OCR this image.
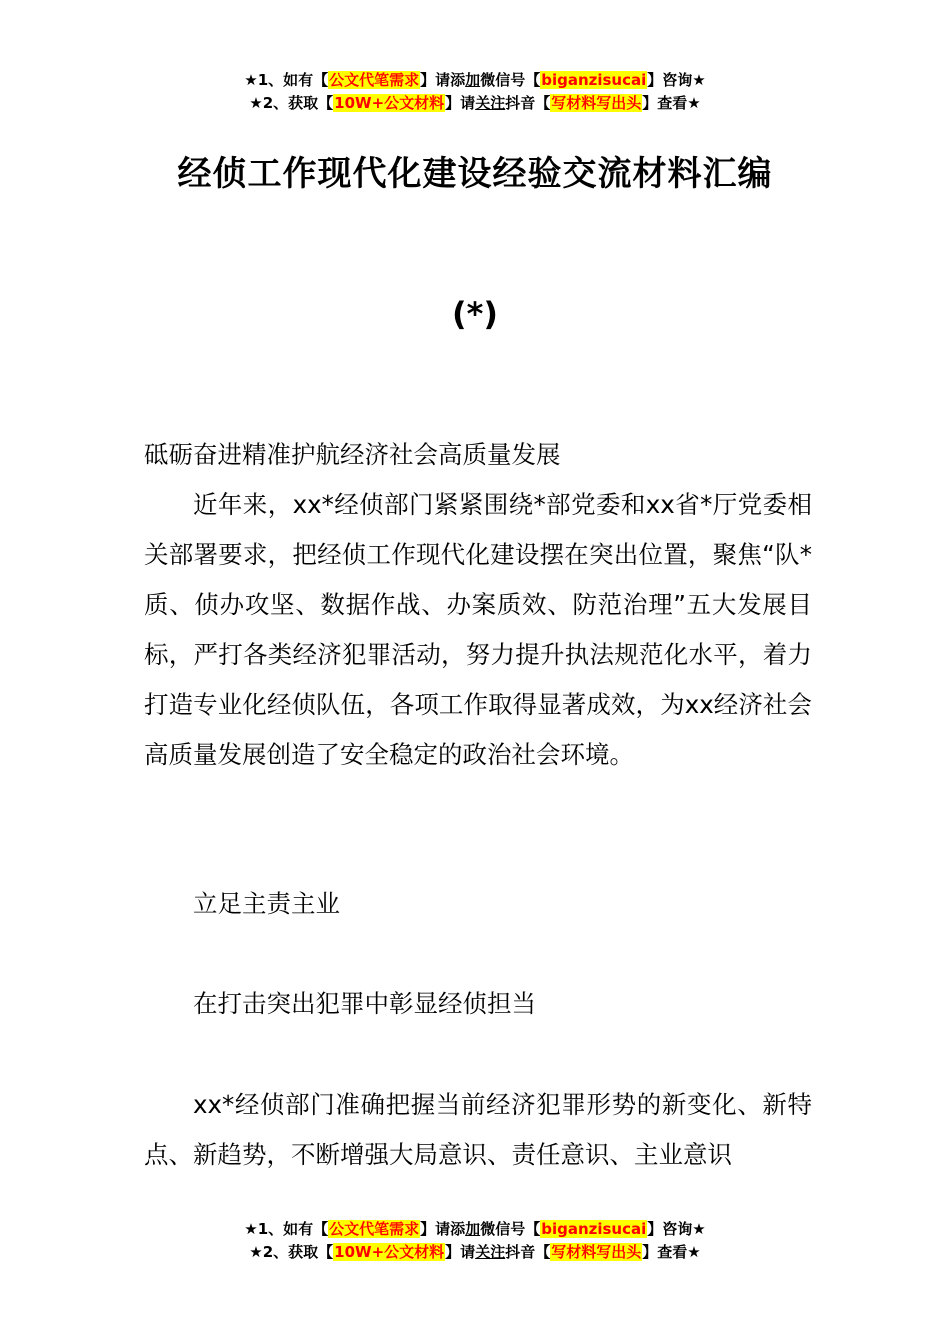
★1、如有【公文代笔需求】请添加微信号【biganzisucai】咨询★
★2、获取【10W+公文材料】请关注抖音【写材料写出头】查看★
经侦工作现代化建设经验交流材料汇编
(*)
砥砺奋进精准护航经济社会高质量发展
近年来，xx*经侦部门紧紧围绕*部党委和xx省*厅党委相关部署要求，把经侦工作现代化建设摆在突出位置，聚焦“队*质、侦办攻坚、数据作战、办案质效、防范治理”五大发展目标，严打各类经济犯罪活动，努力提升执法规范化水平，着力打造专业化经侦队伍，各项工作取得显著成效，为xx经济社会高质量发展创造了安全稳定的政治社会环境。
立足主责主业
在打击突出犯罪中彰显经侦担当
xx*经侦部门准确把握当前经济犯罪形势的新变化、新特点、新趋势，不断增强大局意识、责任意识、主业意识
★1、如有【公文代笔需求】请添加微信号【biganzisucai】咨询★
★2、获取【10W+公文材料】请关注抖音【写材料写出头】查看★
